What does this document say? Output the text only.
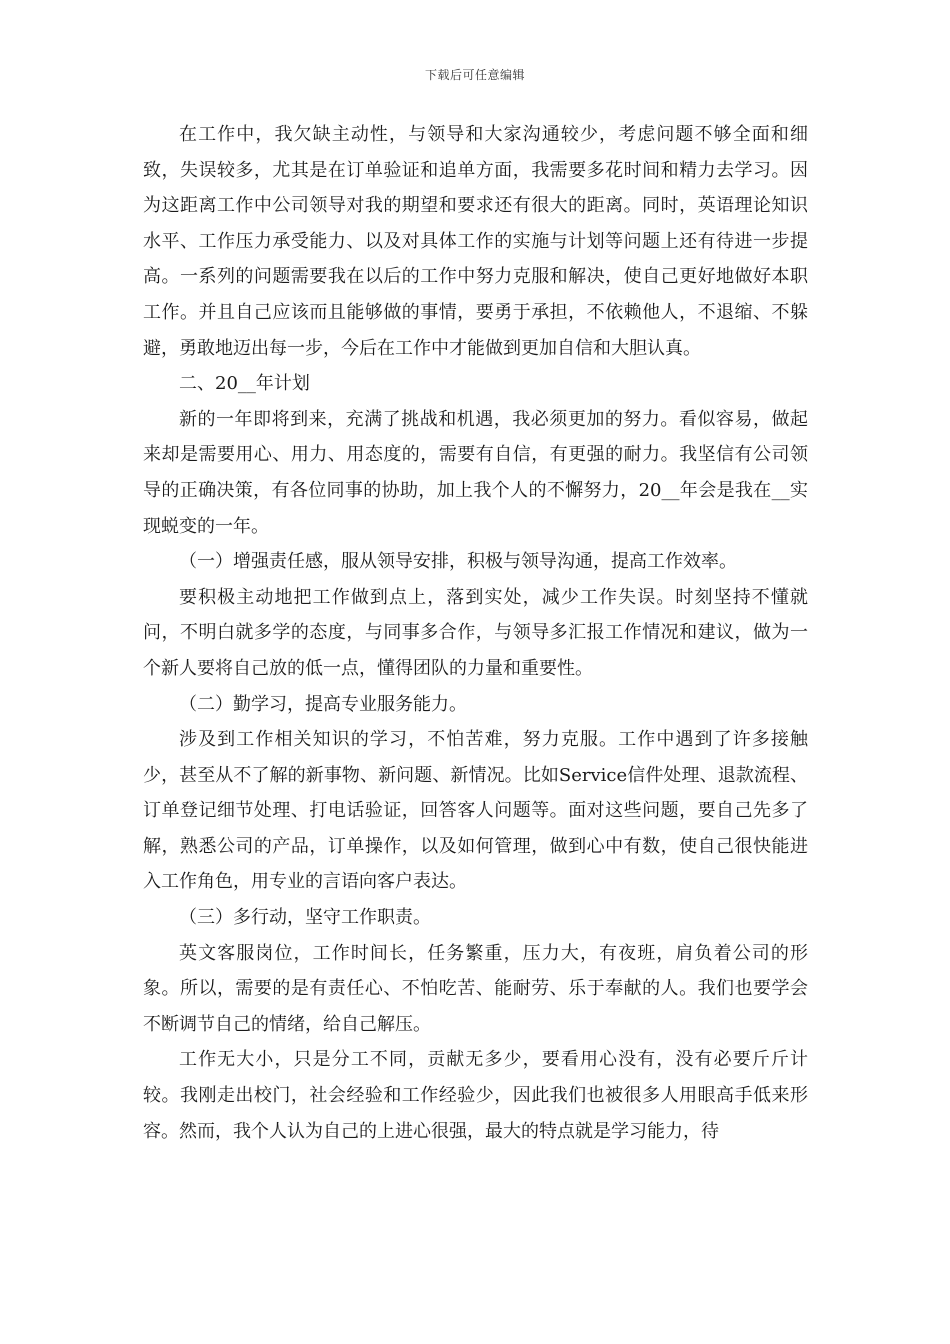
下载后可任意编辑

在工作中，我欠缺主动性，与领导和大家沟通较少，考虑问题不够全面和细致，失误较多，尤其是在订单验证和追单方面，我需要多花时间和精力去学习。因为这距离工作中公司领导对我的期望和要求还有很大的距离。同时，英语理论知识水平、工作压力承受能力、以及对具体工作的实施与计划等问题上还有待进一步提高。一系列的问题需要我在以后的工作中努力克服和解决，使自己更好地做好本职工作。并且自己应该而且能够做的事情，要勇于承担，不依赖他人，不退缩、不躲避，勇敢地迈出每一步，今后在工作中才能做到更加自信和大胆认真。

二、20__年计划

新的一年即将到来，充满了挑战和机遇，我必须更加的努力。看似容易，做起来却是需要用心、用力、用态度的，需要有自信，有更强的耐力。我坚信有公司领导的正确决策，有各位同事的协助，加上我个人的不懈努力，20__年会是我在__实现蜕变的一年。

（一）增强责任感，服从领导安排，积极与领导沟通，提高工作效率。

要积极主动地把工作做到点上，落到实处，减少工作失误。时刻坚持不懂就问，不明白就多学的态度，与同事多合作，与领导多汇报工作情况和建议，做为一个新人要将自己放的低一点，懂得团队的力量和重要性。

（二）勤学习，提高专业服务能力。

涉及到工作相关知识的学习，不怕苦难，努力克服。工作中遇到了许多接触少，甚至从不了解的新事物、新问题、新情况。比如Service信件处理、退款流程、订单登记细节处理、打电话验证，回答客人问题等。面对这些问题，要自己先多了解，熟悉公司的产品，订单操作，以及如何管理，做到心中有数，使自己很快能进入工作角色，用专业的言语向客户表达。

（三）多行动，坚守工作职责。

英文客服岗位，工作时间长，任务繁重，压力大，有夜班，肩负着公司的形象。所以，需要的是有责任心、不怕吃苦、能耐劳、乐于奉献的人。我们也要学会不断调节自己的情绪，给自己解压。

工作无大小，只是分工不同，贡献无多少，要看用心没有，没有必要斤斤计较。我刚走出校门，社会经验和工作经验少，因此我们也被很多人用眼高手低来形容。然而，我个人认为自己的上进心很强，最大的特点就是学习能力，待
